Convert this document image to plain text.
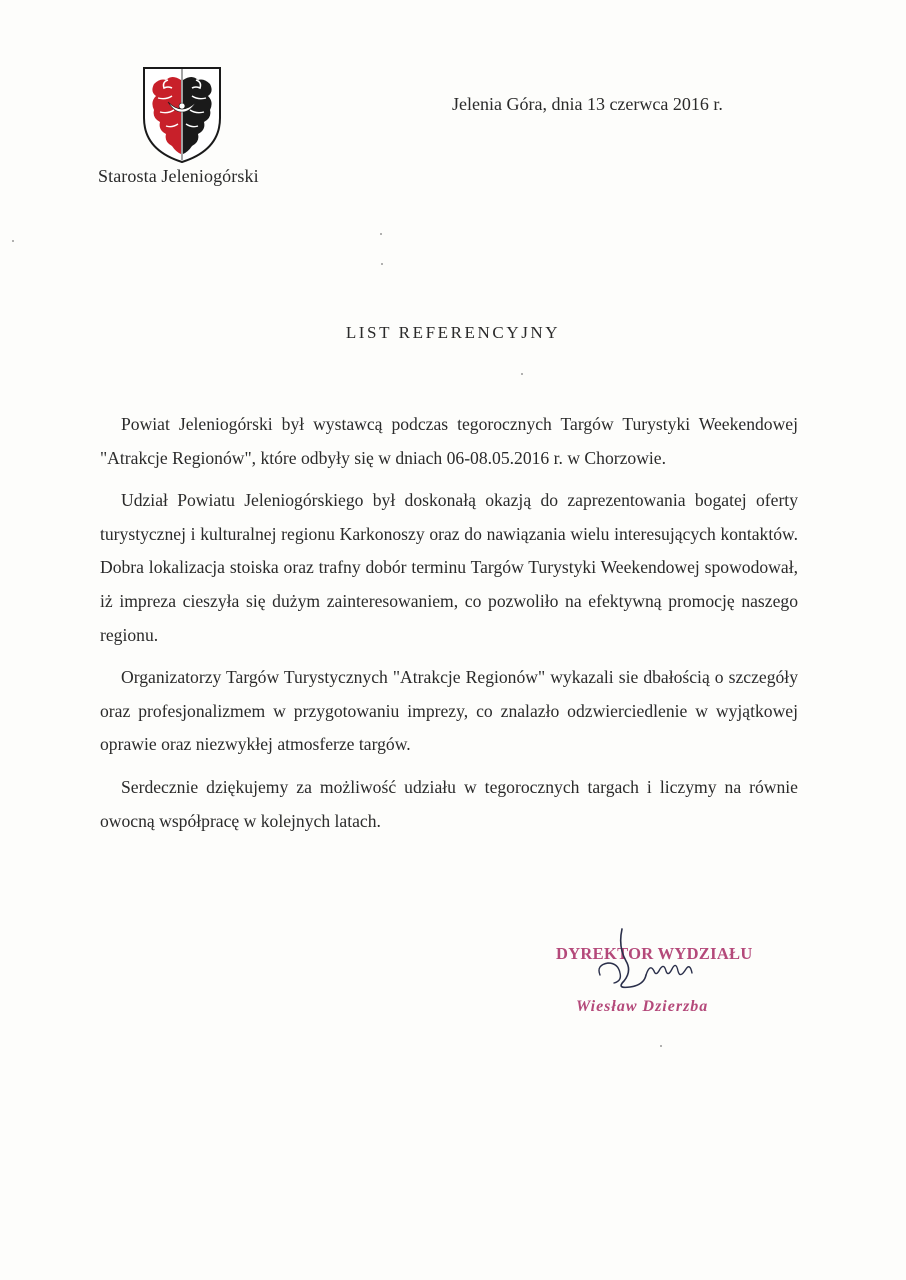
Starosta Jeleniogórski
Jelenia Góra, dnia 13 czerwca 2016 r.
LIST REFERENCYJNY

Powiat Jeleniogórski był wystawcą podczas tegorocznych Targów Turystyki Weekendowej "Atrakcje Regionów", które odbyły się w dniach 06-08.05.2016 r. w Chorzowie.

Udział Powiatu Jeleniogórskiego był doskonałą okazją do zaprezentowania bogatej oferty turystycznej i kulturalnej regionu Karkonoszy oraz do nawiązania wielu interesujących kontaktów. Dobra lokalizacja stoiska oraz trafny dobór terminu Targów Turystyki Weekendowej spowodował, iż impreza cieszyła się dużym zainteresowaniem, co pozwoliło na efektywną promocję naszego regionu.

Organizatorzy Targów Turystycznych "Atrakcje Regionów" wykazali sie dbałością o szczegóły oraz profesjonalizmem w przygotowaniu imprezy, co znalazło odzwierciedlenie w wyjątkowej oprawie oraz niezwykłej atmosferze targów.

Serdecznie dziękujemy za możliwość udziału w tegorocznych targach i liczymy na równie owocną współpracę w kolejnych latach.

DYREKTOR WYDZIAŁU
Wiesław Dzierzba
